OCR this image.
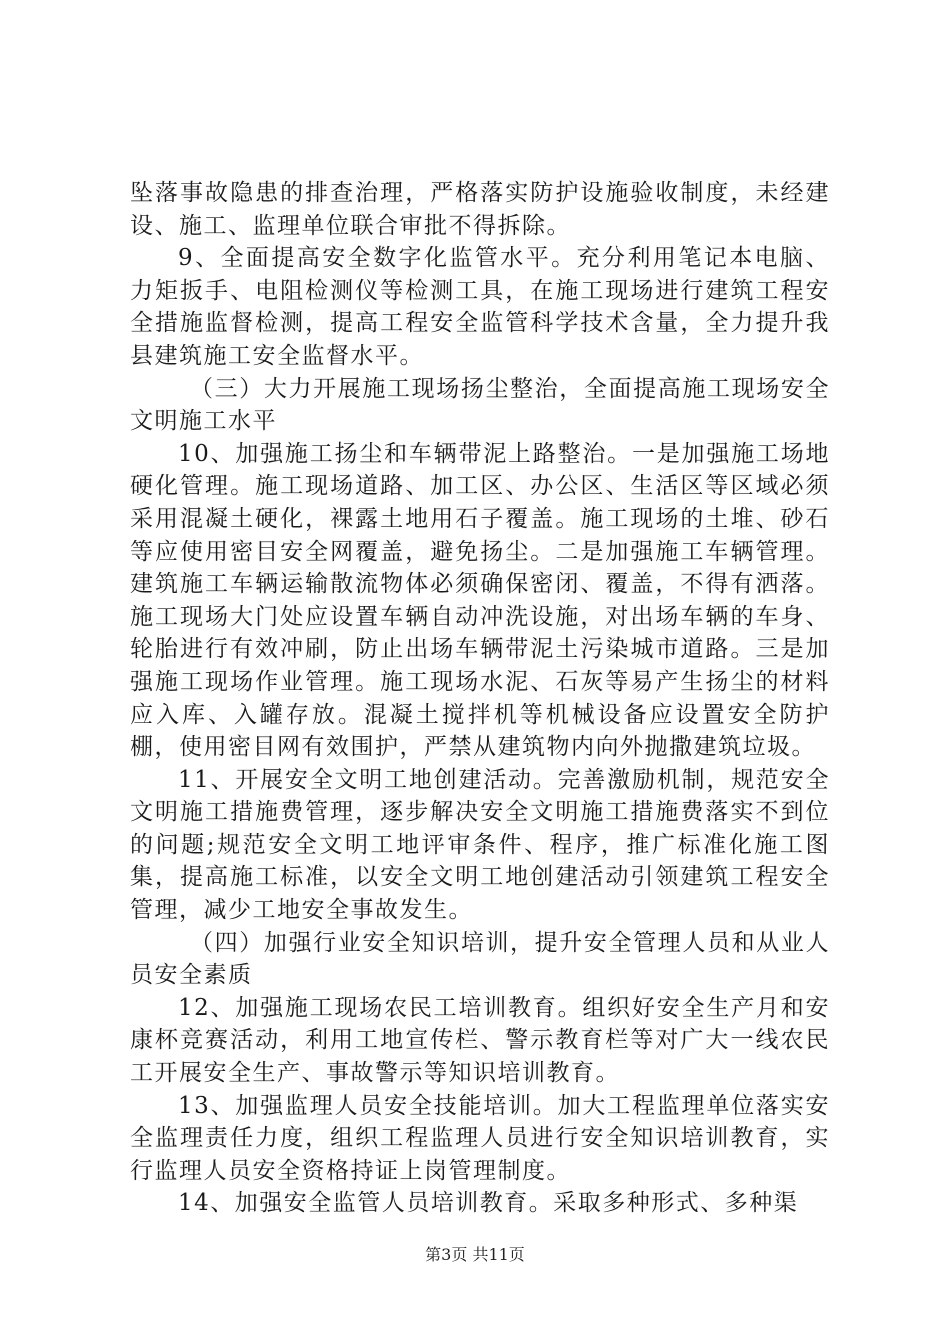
坠落事故隐患的排查治理，严格落实防护设施验收制度，未经建设、施工、监理单位联合审批不得拆除。

9、全面提高安全数字化监管水平。充分利用笔记本电脑、力矩扳手、电阻检测仪等检测工具，在施工现场进行建筑工程安全措施监督检测，提高工程安全监管科学技术含量，全力提升我县建筑施工安全监督水平。

（三）大力开展施工现场扬尘整治，全面提高施工现场安全文明施工水平

10、加强施工扬尘和车辆带泥上路整治。一是加强施工场地硬化管理。施工现场道路、加工区、办公区、生活区等区域必须采用混凝土硬化，裸露土地用石子覆盖。施工现场的土堆、砂石等应使用密目安全网覆盖，避免扬尘。二是加强施工车辆管理。建筑施工车辆运输散流物体必须确保密闭、覆盖，不得有洒落。施工现场大门处应设置车辆自动冲洗设施，对出场车辆的车身、轮胎进行有效冲刷，防止出场车辆带泥土污染城市道路。三是加强施工现场作业管理。施工现场水泥、石灰等易产生扬尘的材料应入库、入罐存放。混凝土搅拌机等机械设备应设置安全防护棚，使用密目网有效围护，严禁从建筑物内向外抛撒建筑垃圾。

11、开展安全文明工地创建活动。完善激励机制，规范安全文明施工措施费管理，逐步解决安全文明施工措施费落实不到位的问题;规范安全文明工地评审条件、程序，推广标准化施工图集，提高施工标准，以安全文明工地创建活动引领建筑工程安全管理，减少工地安全事故发生。

（四）加强行业安全知识培训，提升安全管理人员和从业人员安全素质

12、加强施工现场农民工培训教育。组织好安全生产月和安康杯竞赛活动，利用工地宣传栏、警示教育栏等对广大一线农民工开展安全生产、事故警示等知识培训教育。

13、加强监理人员安全技能培训。加大工程监理单位落实安全监理责任力度，组织工程监理人员进行安全知识培训教育，实行监理人员安全资格持证上岗管理制度。

14、加强安全监管人员培训教育。采取多种形式、多种渠

第3页 共11页
